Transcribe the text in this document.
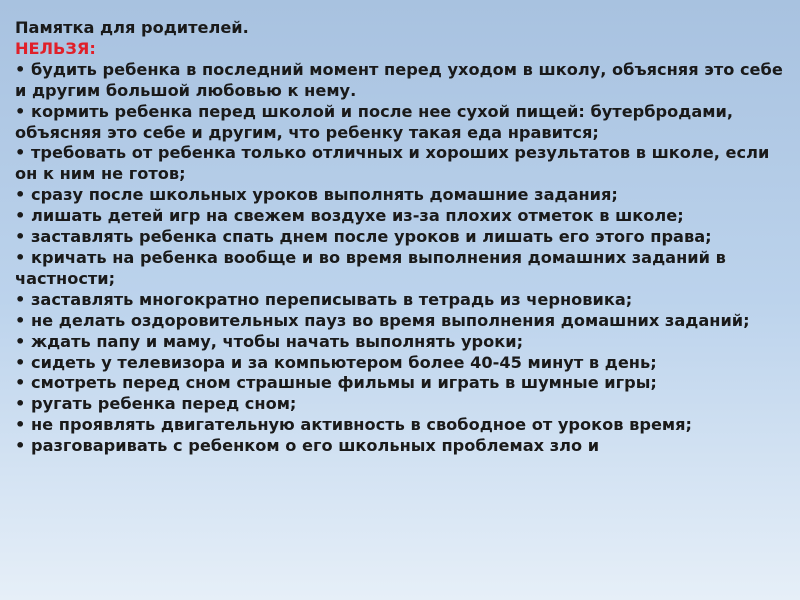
Памятка для родителей.
НЕЛЬЗЯ:

• будить ребенка в последний момент перед уходом в школу, объясняя это себе и другим большой любовью к нему.

• кормить ребенка перед школой и после нее сухой пищей: бутербродами, объясняя это себе и другим, что ребенку такая еда нравится;

• требовать от ребенка только отличных и хороших результатов в школе, если он к ним не готов;

• сразу после школьных уроков выполнять домашние задания;

• лишать детей игр на свежем воздухе из-за плохих отметок в школе;

• заставлять ребенка спать днем после уроков и лишать его этого права;

• кричать на ребенка вообще и во время выполнения домашних заданий в частности;

• заставлять многократно переписывать в тетрадь из черновика;

• не делать оздоровительных пауз во время выполнения домашних заданий;

• ждать папу и маму, чтобы начать выполнять уроки;

• сидеть у телевизора и за компьютером более 40-45 минут в день;

• смотреть перед сном страшные фильмы и играть в шумные игры;

• ругать ребенка перед сном;

• не проявлять двигательную активность в свободное от уроков время;

• разговаривать с ребенком о его школьных проблемах зло и
